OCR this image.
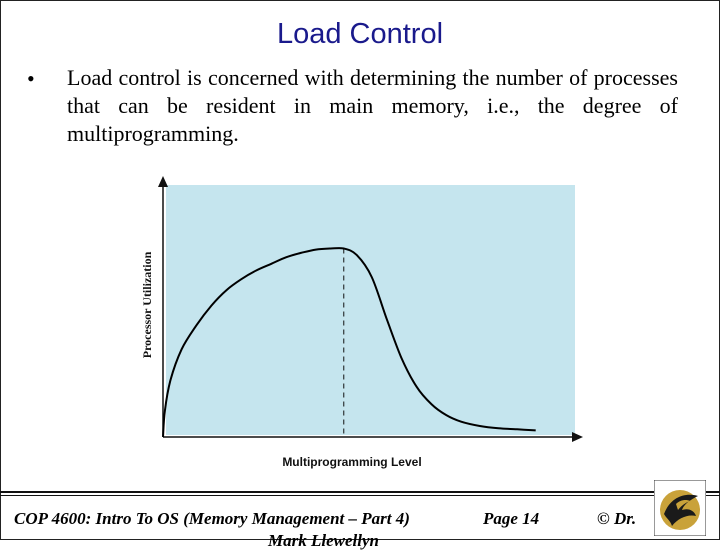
Load Control
• Load control is concerned with determining the number of processes that can be resident in main memory, i.e., the degree of multiprogramming.
Processor Utilization
Multiprogramming Level
COP 4600: Intro To OS (Memory Management – Part 4)	Page 14	© Dr.
Mark Llewellyn
